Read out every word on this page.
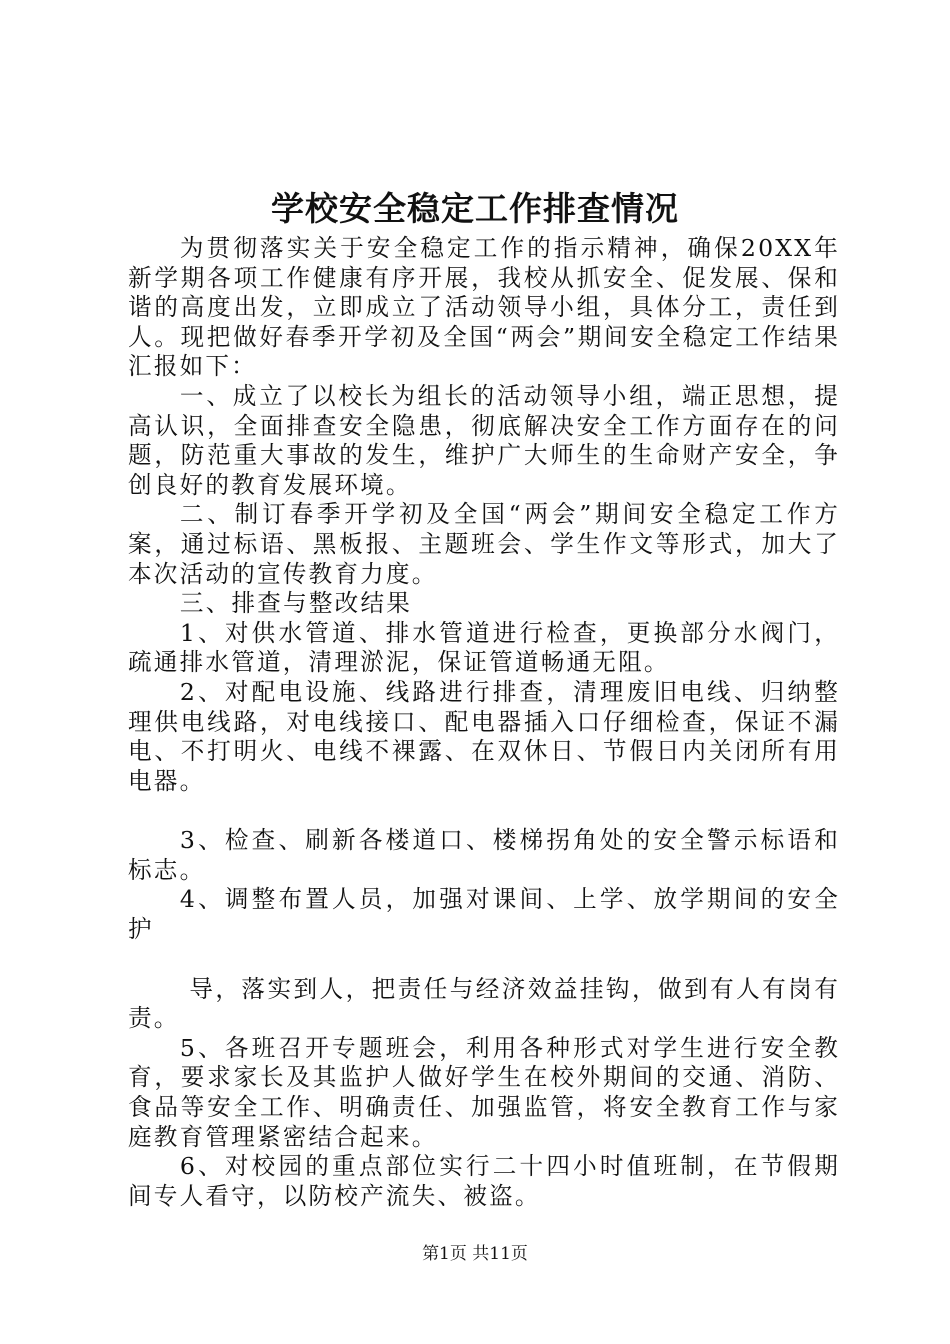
学校安全稳定工作排查情况

为贯彻落实关于安全稳定工作的指示精神，确保20XX年新学期各项工作健康有序开展，我校从抓安全、促发展、保和谐的高度出发，立即成立了活动领导小组，具体分工，责任到人。现把做好春季开学初及全国“两会”期间安全稳定工作结果汇报如下：

一、成立了以校长为组长的活动领导小组，端正思想，提高认识，全面排查安全隐患，彻底解决安全工作方面存在的问题，防范重大事故的发生，维护广大师生的生命财产安全，争创良好的教育发展环境。

二、制订春季开学初及全国“两会”期间安全稳定工作方案，通过标语、黑板报、主题班会、学生作文等形式，加大了本次活动的宣传教育力度。

三、排查与整改结果

1、对供水管道、排水管道进行检查，更换部分水阀门，疏通排水管道，清理淤泥，保证管道畅通无阻。

2、对配电设施、线路进行排查，清理废旧电线、归纳整理供电线路，对电线接口、配电器插入口仔细检查，保证不漏电、不打明火、电线不裸露、在双休日、节假日内关闭所有用电器。

3、检查、刷新各楼道口、楼梯拐角处的安全警示标语和标志。

4、调整布置人员，加强对课间、上学、放学期间的安全护

导，落实到人，把责任与经济效益挂钩，做到有人有岗有责。

5、各班召开专题班会，利用各种形式对学生进行安全教育，要求家长及其监护人做好学生在校外期间的交通、消防、食品等安全工作、明确责任、加强监管，将安全教育工作与家庭教育管理紧密结合起来。

6、对校园的重点部位实行二十四小时值班制，在节假期间专人看守，以防校产流失、被盗。

第1页 共11页
